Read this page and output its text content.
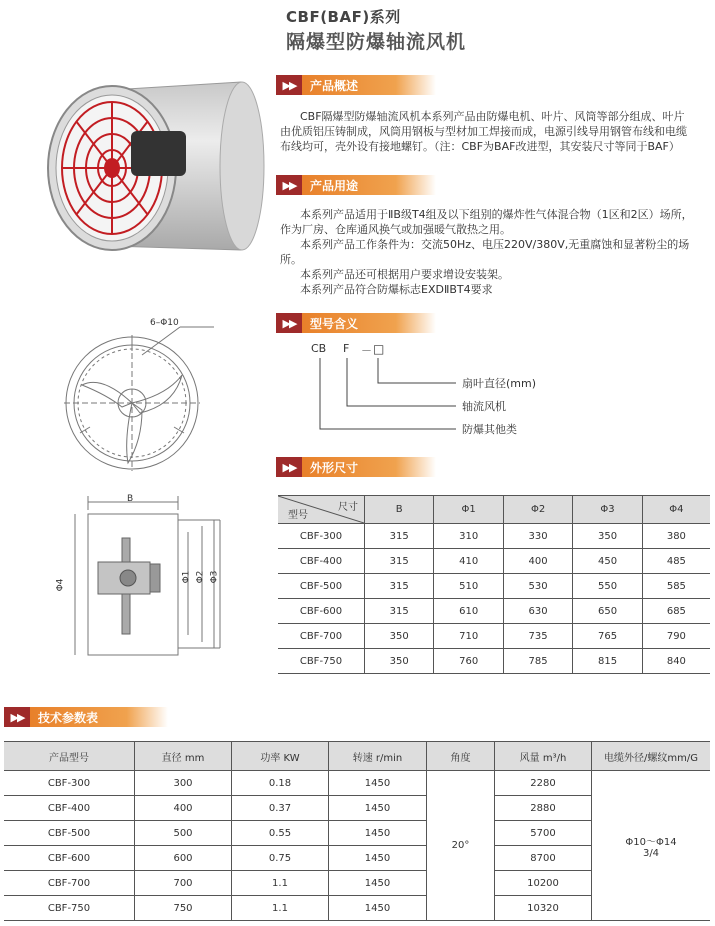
CBF(BAF)系列
隔爆型防爆轴流风机
▶▶	产品概述
CBF隔爆型防爆轴流风机本系列产品由防爆电机、叶片、风筒等部分组成、叶片
由优质铝压铸制成，风筒用钢板与型材加工焊接而成，电源引线导用钢管布线和电缆
布线均可，壳外设有接地螺钉。（注：CBF为BAF改进型，其安装尺寸等同于BAF）
▶▶	产品用途
本系列产品适用于ⅡB级T4组及以下组别的爆炸性气体混合物（1区和2区）场所，
作为厂房、仓库通风换气或加强暖气散热之用。
本系列产品工作条件为：交流50Hz、电压220V/380V,无重腐蚀和显著粉尘的场
所。
本系列产品还可根据用户要求增设安装架。
本系列产品符合防爆标志EXDⅡBT4要求
▶▶	型号含义
CB F － □
扇叶直径(mm)
轴流风机
防爆其他类
6–Φ10
B
Φ4
Φ1 Φ2 Φ3
▶▶	外形尺寸
尺寸
型号	B	Φ1	Φ2	Φ3	Φ4
CBF-300	315	310	330	350	380
CBF-400	315	410	400	450	485
CBF-500	315	510	530	550	585
CBF-600	315	610	630	650	685
CBF-700	350	710	735	765	790
CBF-750	350	760	785	815	840
▶▶	技术参数表
产品型号	直径 mm	功率 KW	转速 r/min	角度	风量 m³/h	电缆外径/螺纹mm/G
CBF-300	300	0.18	1450	20°	2280	Φ10～Φ14
3/4

CBF-400	400	0.37	1450		2880	
CBF-500	500	0.55	1450		5700	
CBF-600	600	0.75	1450		8700	
CBF-700	700	1.1	1450		10200	
CBF-750	750	1.1	1450		10320	
